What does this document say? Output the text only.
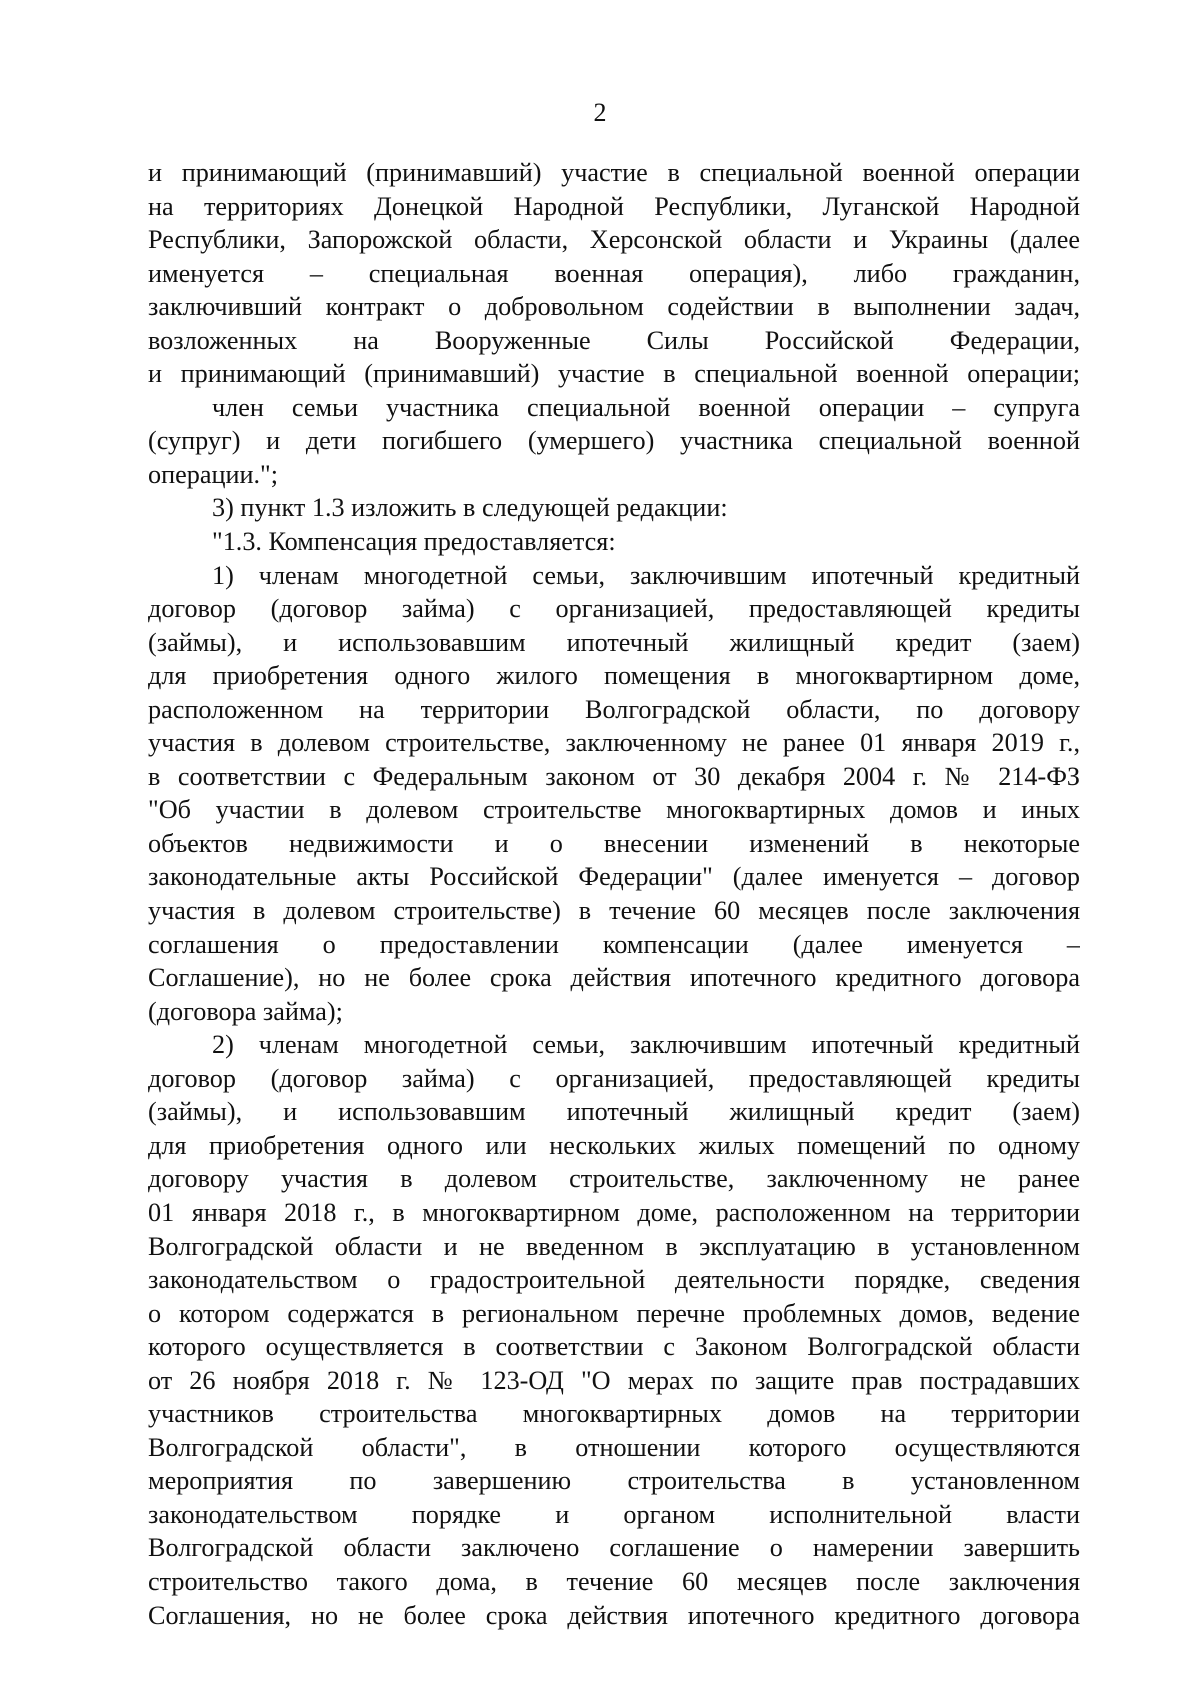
2
и принимающий (принимавший) участие в специальной военной операции
на территориях Донецкой Народной Республики, Луганской Народной
Республики, Запорожской области, Херсонской области и Украины (далее
именуется – специальная военная операция), либо гражданин,
заключивший контракт о добровольном содействии в выполнении задач,
возложенных на Вооруженные Силы Российской Федерации,
и принимающий (принимавший) участие в специальной военной операции;
член семьи участника специальной военной операции – супруга
(супруг) и дети погибшего (умершего) участника специальной военной
операции.";
3) пункт 1.3 изложить в следующей редакции:
"1.3. Компенсация предоставляется:
1) членам многодетной семьи, заключившим ипотечный кредитный
договор (договор займа) с организацией, предоставляющей кредиты
(займы), и использовавшим ипотечный жилищный кредит (заем)
для приобретения одного жилого помещения в многоквартирном доме,
расположенном на территории Волгоградской области, по договору
участия в долевом строительстве, заключенному не ранее 01 января 2019 г.,
в соответствии с Федеральным законом от 30 декабря 2004 г. № 214-ФЗ
"Об участии в долевом строительстве многоквартирных домов и иных
объектов недвижимости и о внесении изменений в некоторые
законодательные акты Российской Федерации" (далее именуется – договор
участия в долевом строительстве) в течение 60 месяцев после заключения
соглашения о предоставлении компенсации (далее именуется –
Соглашение), но не более срока действия ипотечного кредитного договора
(договора займа);
2) членам многодетной семьи, заключившим ипотечный кредитный
договор (договор займа) с организацией, предоставляющей кредиты
(займы), и использовавшим ипотечный жилищный кредит (заем)
для приобретения одного или нескольких жилых помещений по одному
договору участия в долевом строительстве, заключенному не ранее
01 января 2018 г., в многоквартирном доме, расположенном на территории
Волгоградской области и не введенном в эксплуатацию в установленном
законодательством о градостроительной деятельности порядке, сведения
о котором содержатся в региональном перечне проблемных домов, ведение
которого осуществляется в соответствии с Законом Волгоградской области
от 26 ноября 2018 г. № 123-ОД "О мерах по защите прав пострадавших
участников строительства многоквартирных домов на территории
Волгоградской области", в отношении которого осуществляются
мероприятия по завершению строительства в установленном
законодательством порядке и органом исполнительной власти
Волгоградской области заключено соглашение о намерении завершить
строительство такого дома, в течение 60 месяцев после заключения
Соглашения, но не более срока действия ипотечного кредитного договора
